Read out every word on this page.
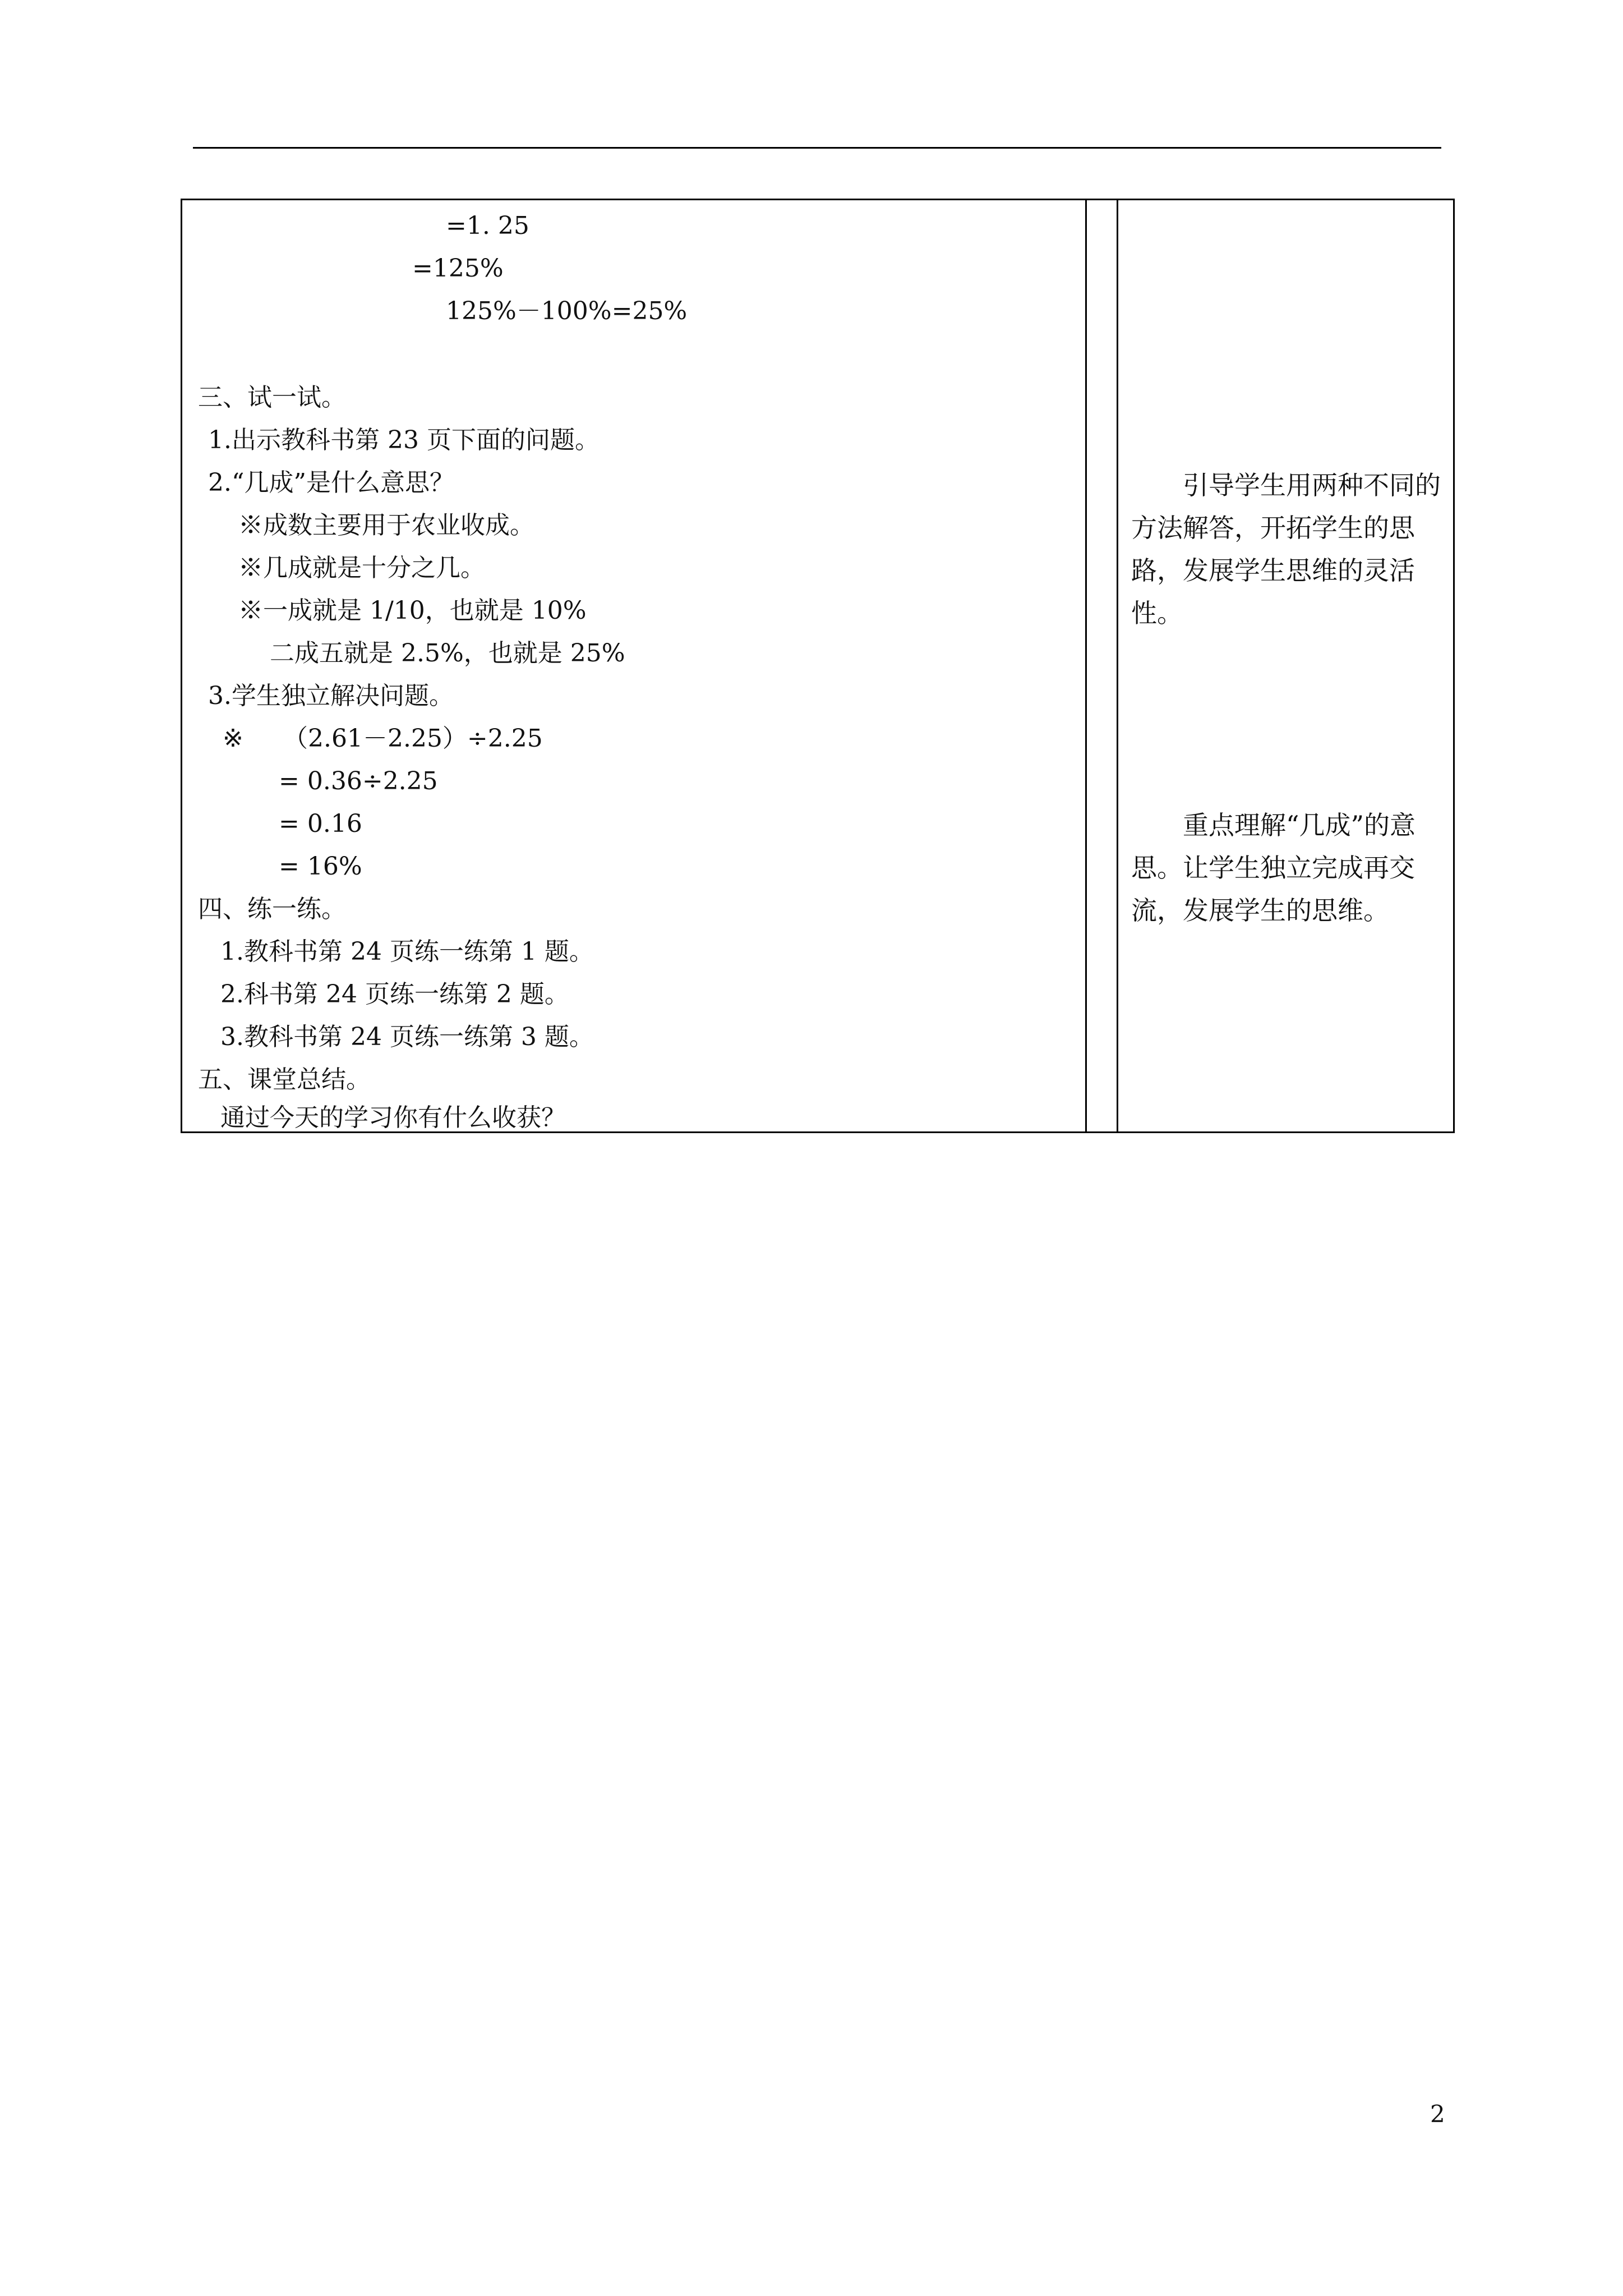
=1. 25
=125%
125%－100%=25%
三、试一试。
1.出示教科书第 23 页下面的问题。
2.“几成”是什么意思？
※成数主要用于农业收成。
※几成就是十分之几。
※一成就是 1/10，也就是 10%
二成五就是 2.5%，也就是 25%
3.学生独立解决问题。
※ （2.61－2.25）÷2.25
= 0.36÷2.25
= 0.16
= 16%
四、练一练。
1.教科书第 24 页练一练第 1 题。
2.科书第 24 页练一练第 2 题。
3.教科书第 24 页练一练第 3 题。
五、课堂总结。
通过今天的学习你有什么收获？

引导学生用两种不同的方法解答，开拓学生的思路，发展学生思维的灵活性。

重点理解“几成”的意思。让学生独立完成再交流，发展学生的思维。

2
